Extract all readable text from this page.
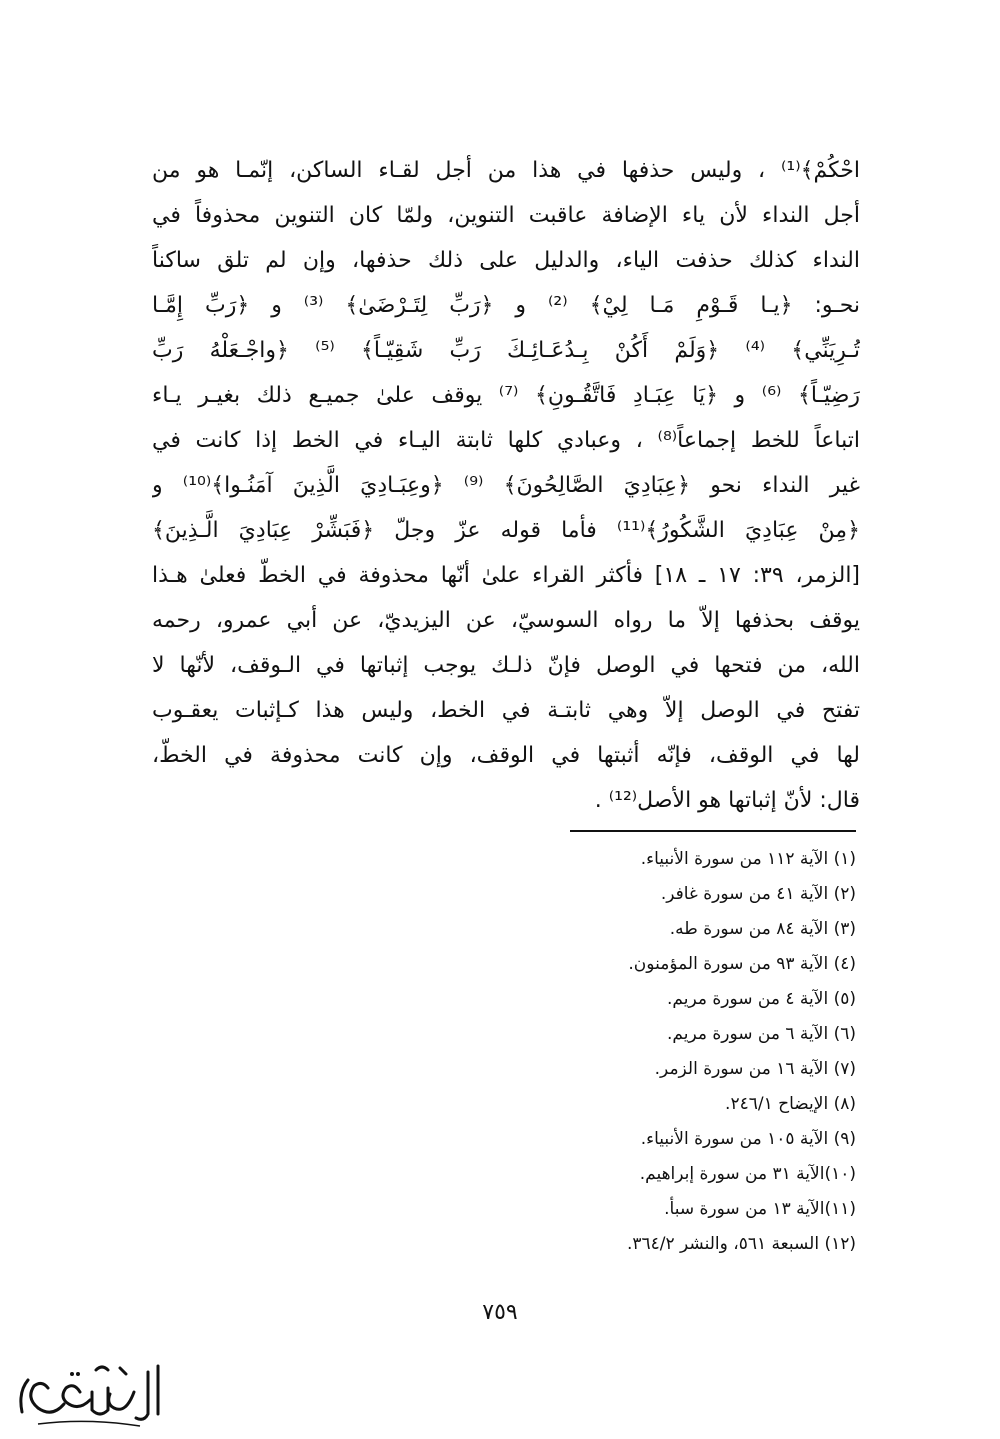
احْكُمْ﴾⁽¹⁾ ، وليس حذفها في هذا من أجل لقـاء الساكن، إنّمـا هو من
أجل النداء لأن ياء الإضافة عاقبت التنوين، ولمّا كان التنوين محذوفاً في
النداء كذلك حذفت الياء، والدليل على ذلك حذفها، وإن لم تلق ساكناً
نحـو: ﴿يـا قَـوْمِ مَـا لِيْ﴾ ⁽²⁾ و ﴿رَبِّ لِتَـرْضَىٰ﴾ ⁽³⁾ و ﴿رَبِّ إِمَّـا
تُـرِيَنِّي﴾ ⁽⁴⁾ ﴿وَلَمْ أَكُنْ بِـدُعَـائِـكَ رَبِّ شَقِيّـاً﴾ ⁽⁵⁾ ﴿واجْـعَلْهُ رَبِّ
رَضِيّـاً﴾ ⁽⁶⁾ و ﴿يَا عِبَـادِ فَاتَّقُـونِ﴾ ⁽⁷⁾ يوقف علىٰ جميـع ذلك بغيـر يـاء
اتباعاً للخط إجماعاً⁽⁸⁾ ، وعبادي كلها ثابتة اليـاء في الخط إذا كانت في
غير النداء نحو ﴿عِبَادِيَ الصَّالِحُونَ﴾ ⁽⁹⁾ ﴿وعِبَـادِيَ الَّذِينَ آمَنُـوا﴾⁽¹⁰⁾ و
﴿مِنْ عِبَادِيَ الشَّكُورُ﴾⁽¹¹⁾ فأما قوله عزّ وجلّ ﴿فَبَشِّرْ عِبَادِيَ الَّـذِينَ﴾
[الزمر، ٣٩: ١٧ ـ ١٨] فأكثر القراء علىٰ أنّها محذوفة في الخطّ فعلىٰ هـذا
يوقف بحذفها إلاّ ما رواه السوسيّ، عن اليزيديّ، عن أبي عمرو، رحمه
الله، من فتحها في الوصل فإنّ ذلـك يوجب إثباتها في الـوقف، لأنّها لا
تفتح في الوصل إلاّ وهي ثابتـة في الخط، وليس هذا كـإثبات يعقـوب
لها في الوقف، فإنّه أثبتها في الوقف، وإن كانت محذوفة في الخطّ،
قال: لأنّ إثباتها هو الأصل⁽¹²⁾ .
(١) الآية ١١٢ من سورة الأنبياء.
(٢) الآية ٤١ من سورة غافر.
(٣) الآية ٨٤ من سورة طه.
(٤) الآية ٩٣ من سورة المؤمنون.
(٥) الآية ٤ من سورة مريم.
(٦) الآية ٦ من سورة مريم.
(٧) الآية ١٦ من سورة الزمر.
(٨) الإيضاح ٢٤٦/١.
(٩) الآية ١٠٥ من سورة الأنبياء.
(١٠)الآية ٣١ من سورة إبراهيم.
(١١)الآية ١٣ من سورة سبأ.
(١٢) السبعة ٥٦١، والنشر ٣٦٤/٢.
٧٥٩
